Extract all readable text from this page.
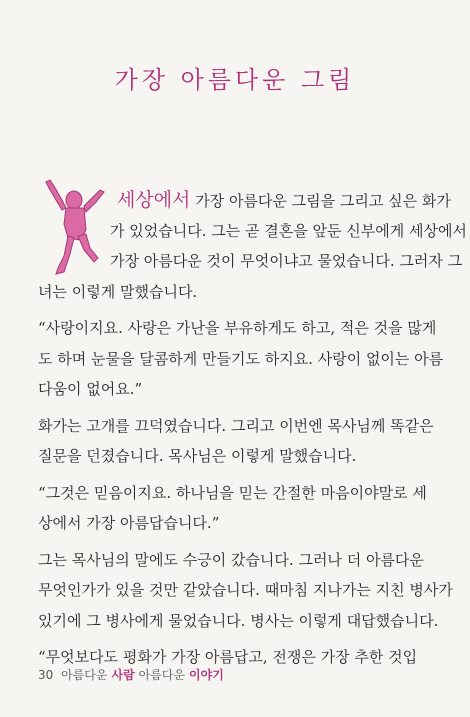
가장 아름다운 그림
세상에서 가장 아름다운 그림을 그리고 싶은 화가
가 있었습니다. 그는 곧 결혼을 앞둔 신부에게 세상에서
가장 아름다운 것이 무엇이냐고 물었습니다. 그러자 그
녀는 이렇게 말했습니다.
“사랑이지요. 사랑은 가난을 부유하게도 하고, 적은 것을 많게
도 하며 눈물을 달콤하게 만들기도 하지요. 사랑이 없이는 아름
다움이 없어요.”
화가는 고개를 끄덕였습니다. 그리고 이번엔 목사님께 똑같은
질문을 던졌습니다. 목사님은 이렇게 말했습니다.
“그것은 믿음이지요. 하나님을 믿는 간절한 마음이야말로 세
상에서 가장 아름답습니다.”
그는 목사님의 말에도 수긍이 갔습니다. 그러나 더 아름다운
무엇인가가 있을 것만 같았습니다. 때마침 지나가는 지친 병사가
있기에 그 병사에게 물었습니다. 병사는 이렇게 대답했습니다.
“무엇보다도 평화가 가장 아름답고, 전쟁은 가장 추한 것입
30 아름다운 사람 아름다운 이야기
